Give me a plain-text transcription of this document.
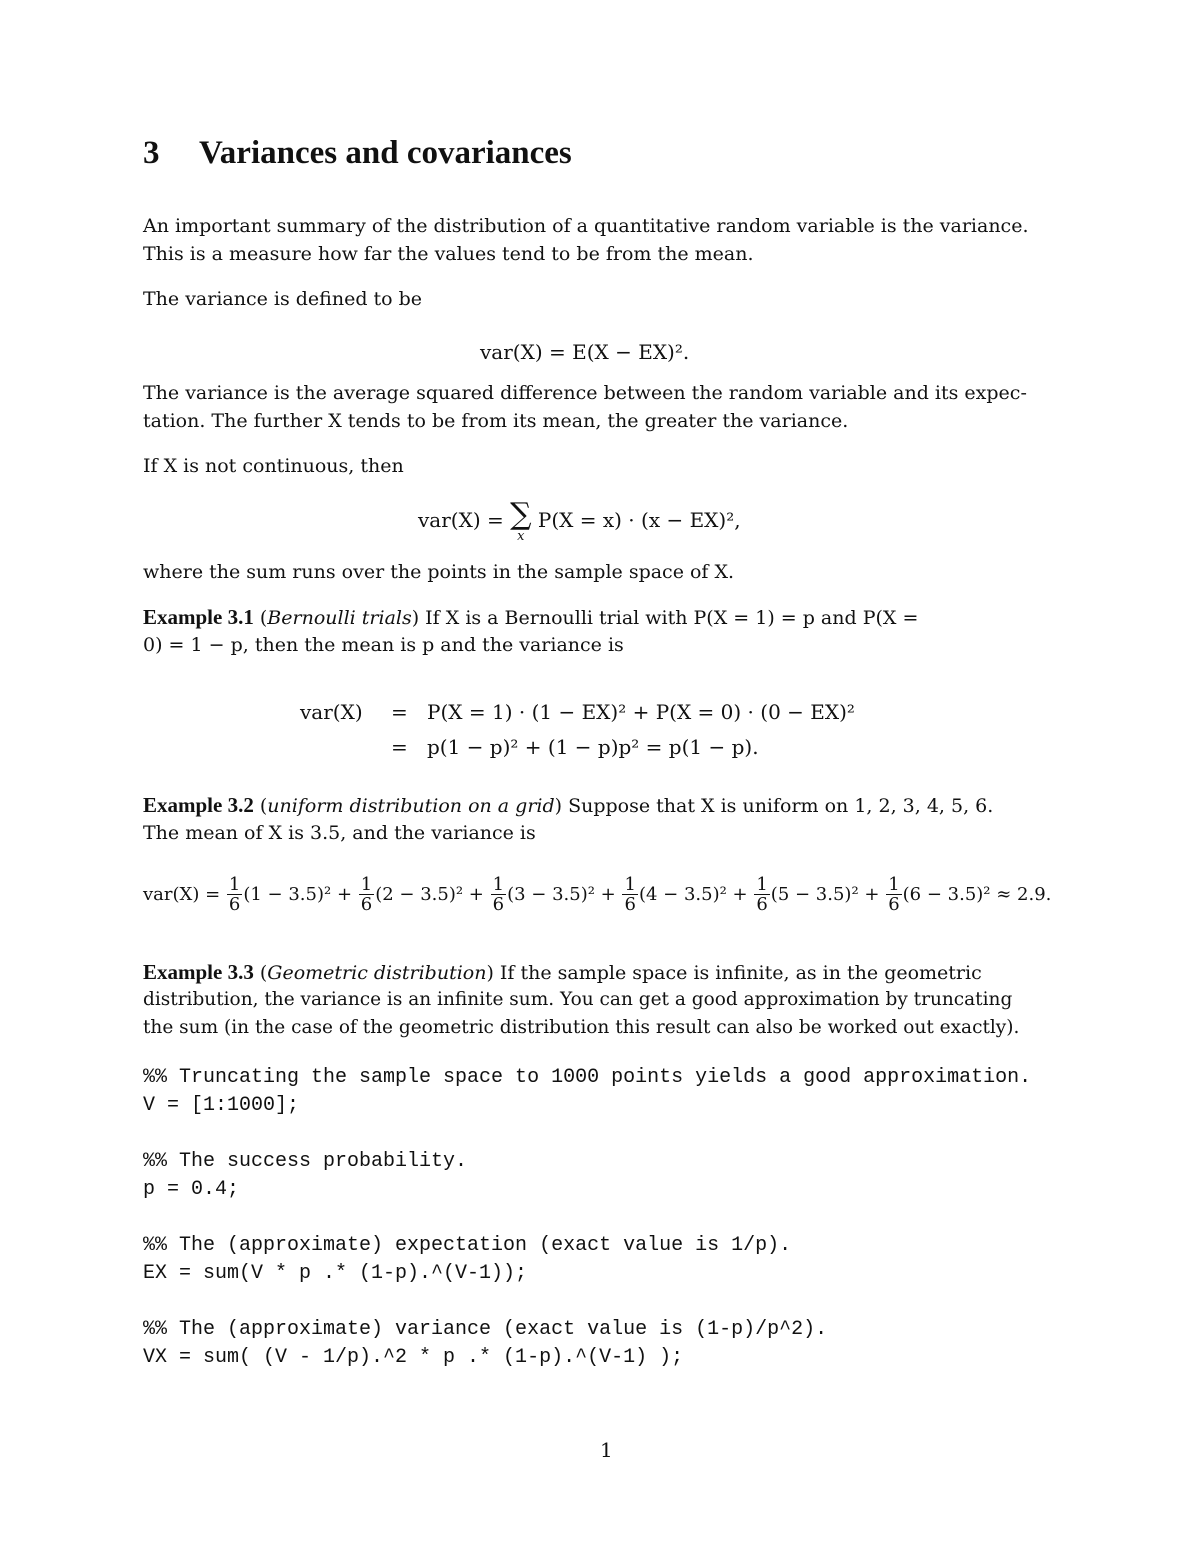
3 Variances and covariances
An important summary of the distribution of a quantitative random variable is the variance.
This is a measure how far the values tend to be from the mean.
The variance is defined to be
var(X) = E(X − EX)².
The variance is the average squared difference between the random variable and its expec-
tation. The further X tends to be from its mean, the greater the variance.
If X is not continuous, then
var(X) = ∑
x
P(X = x) · (x − EX)²,
where the sum runs over the points in the sample space of X.
Example 3.1 (Bernoulli trials) If X is a Bernoulli trial with P(X = 1) = p and P(X =
0) = 1 − p, then the mean is p and the variance is
var(X) = P(X = 1) · (1 − EX)² + P(X = 0) · (0 − EX)²
= p(1 − p)² + (1 − p)p² = p(1 − p).
Example 3.2 (uniform distribution on a grid) Suppose that X is uniform on 1, 2, 3, 4, 5, 6.
The mean of X is 3.5, and the variance is
$var(X) = \frac{1}{6} (1 - 3.5)^2 + \frac{1}{6} (2 - 3.5)^2 + \frac{1}{6} (3 - 3.5)^2 + \frac{1}{6} (4 - 3.5)^2 + \frac{1}{6} (5 - 3.5)^2 + \frac{1}{6} (6 - 3.5)^2 \approx 2.9$.
Example 3.3 (Geometric distribution) If the sample space is infinite, as in the geometric
distribution, the variance is an infinite sum. You can get a good approximation by truncating
the sum (in the case of the geometric distribution this result can also be worked out exactly).
%% Truncating the sample space to 1000 points yields a good approximation.
V = [1:1000];

%% The success probability.
p = 0.4;

%% The (approximate) expectation (exact value is 1/p).
EX = sum(V * p .* (1-p).^(V-1));

%% The (approximate) variance (exact value is (1-p)/p^2).
VX = sum( (V - 1/p).^2 * p .* (1-p).^(V-1) );
1
